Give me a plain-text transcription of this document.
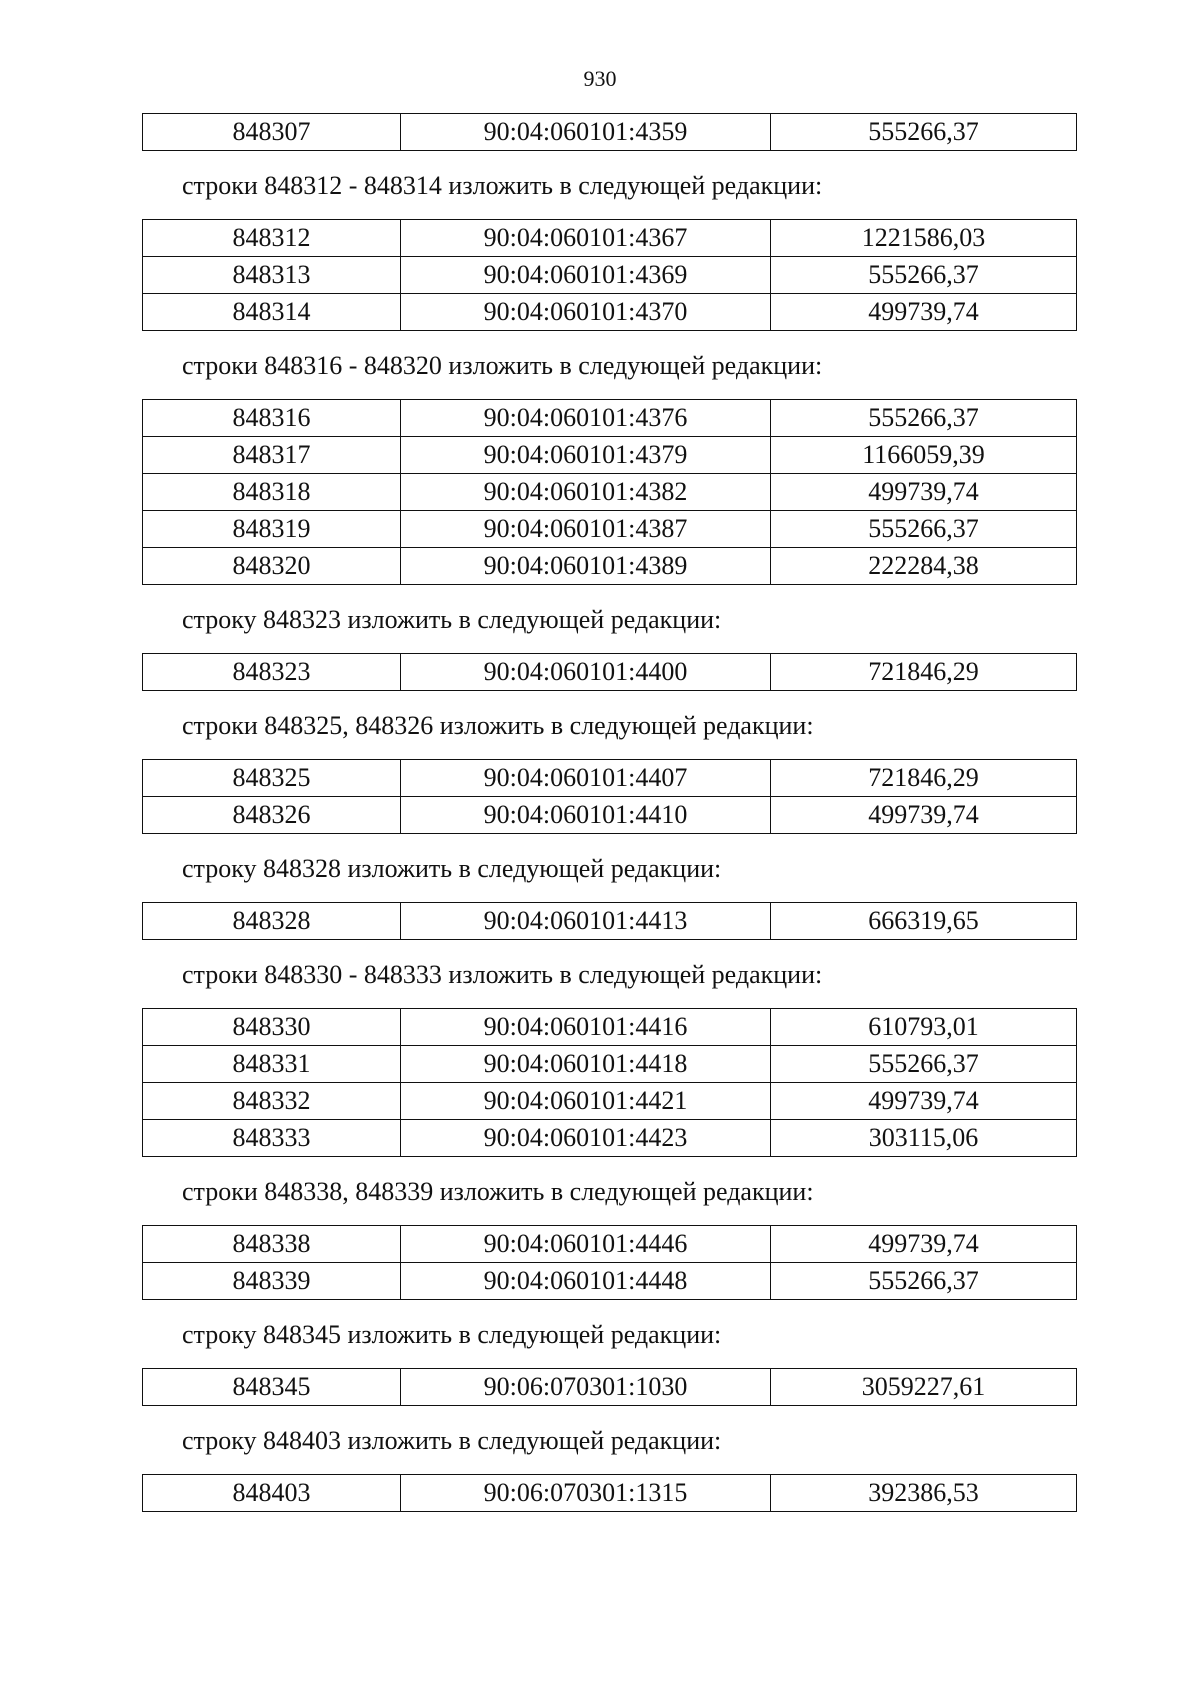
930
848307	90:04:060101:4359	555266,37
строки 848312 - 848314 изложить в следующей редакции:
848312	90:04:060101:4367	1221586,03
848313	90:04:060101:4369	555266,37
848314	90:04:060101:4370	499739,74
строки 848316 - 848320 изложить в следующей редакции:
848316	90:04:060101:4376	555266,37
848317	90:04:060101:4379	1166059,39
848318	90:04:060101:4382	499739,74
848319	90:04:060101:4387	555266,37
848320	90:04:060101:4389	222284,38
строку 848323 изложить в следующей редакции:
848323	90:04:060101:4400	721846,29
строки 848325, 848326 изложить в следующей редакции:
848325	90:04:060101:4407	721846,29
848326	90:04:060101:4410	499739,74
строку 848328 изложить в следующей редакции:
848328	90:04:060101:4413	666319,65
строки 848330 - 848333 изложить в следующей редакции:
848330	90:04:060101:4416	610793,01
848331	90:04:060101:4418	555266,37
848332	90:04:060101:4421	499739,74
848333	90:04:060101:4423	303115,06
строки 848338, 848339 изложить в следующей редакции:
848338	90:04:060101:4446	499739,74
848339	90:04:060101:4448	555266,37
строку 848345 изложить в следующей редакции:
848345	90:06:070301:1030	3059227,61
строку 848403 изложить в следующей редакции:
848403	90:06:070301:1315	392386,53
